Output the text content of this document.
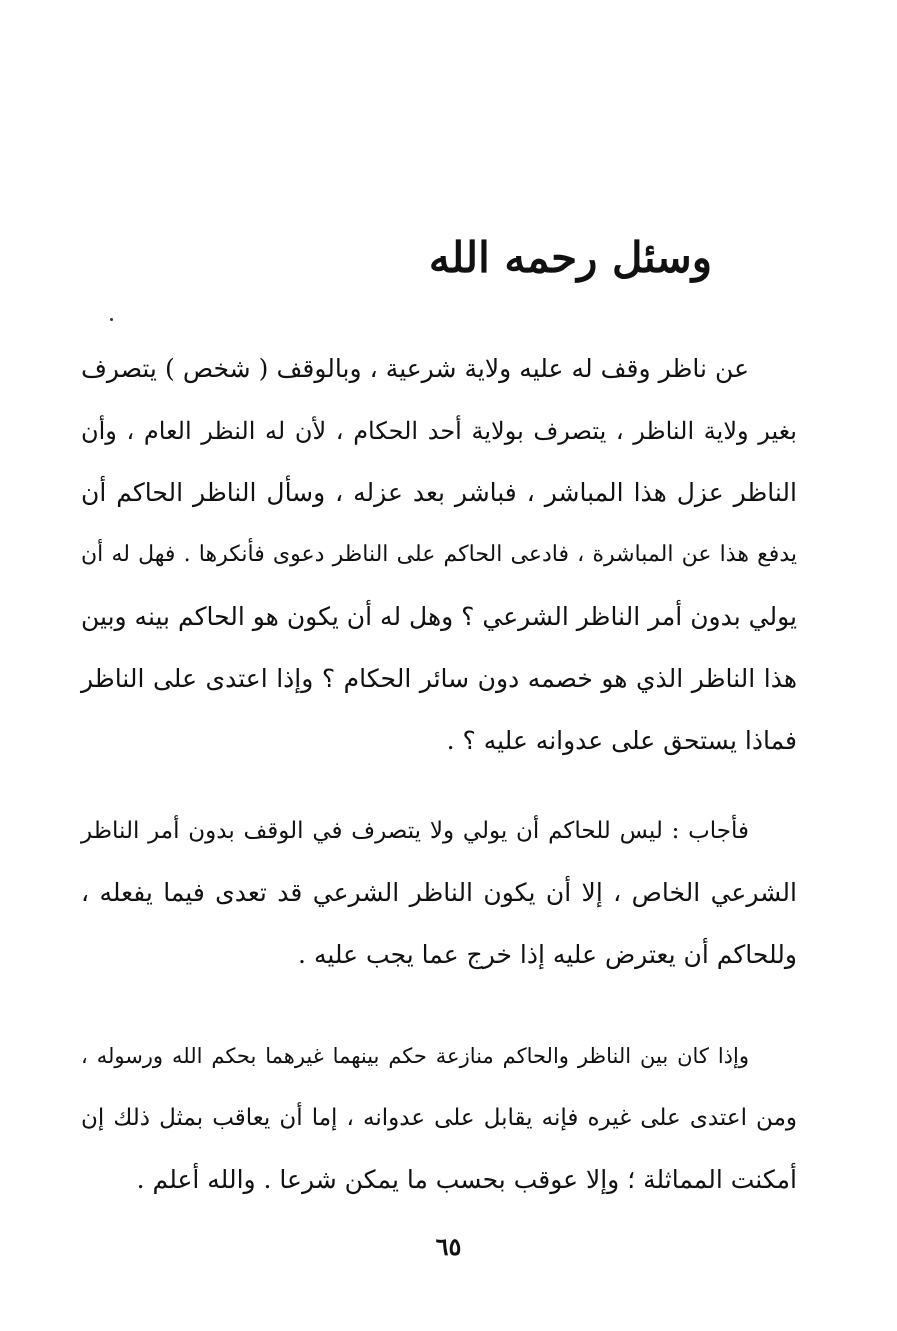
وسئل رحمه الله
عن ناظر وقف له عليه ولاية شرعية ، وبالوقف ( شخص ) يتصرف
بغير ولاية الناظر ، يتصرف بولاية أحد الحكام ، لأن له النظر العام ، وأن
الناظر عزل هذا المباشر ، فباشر بعد عزله ، وسأل الناظر الحاكم أن
يدفع هذا عن المباشرة ، فادعى الحاكم على الناظر دعوى فأنكرها . فهل له أن
يولي بدون أمر الناظر الشرعي ؟ وهل له أن يكون هو الحاكم بينه وبين
هذا الناظر الذي هو خصمه دون سائر الحكام ؟ وإذا اعتدى على الناظر
فماذا يستحق على عدوانه عليه ؟ .
فأجاب : ليس للحاكم أن يولي ولا يتصرف في الوقف بدون أمر الناظر
الشرعي الخاص ، إلا أن يكون الناظر الشرعي قد تعدى فيما يفعله ،
وللحاكم أن يعترض عليه إذا خرج عما يجب عليه .
وإذا كان بين الناظر والحاكم منازعة حكم بينهما غيرهما بحكم الله ورسوله ،
ومن اعتدى على غيره فإنه يقابل على عدوانه ، إما أن يعاقب بمثل ذلك إن
أمكنت المماثلة ؛ وإلا عوقب بحسب ما يمكن شرعا . والله أعلم .
٦٥
